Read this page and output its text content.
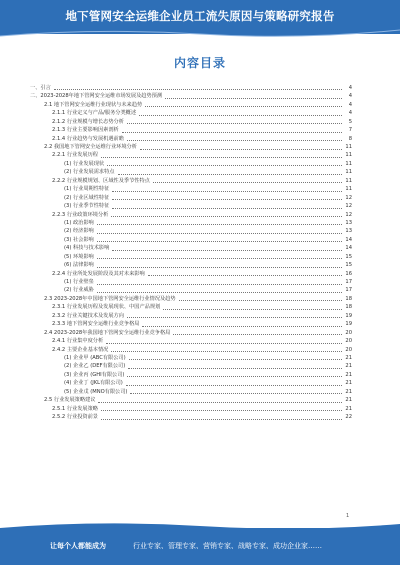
地下管网安全运维企业员工流失原因与策略研究报告
内容目录
一、引言	4
二、2023-2028年地下管网安全运维市场发展及趋势预测	4
2.1 地下管网安全运维行业现状与未来趋势	4
2.1.1 行业定义与产品/服务分类概述	4
2.1.2 行业规模与增长态势分析	5
2.1.3 行业主要影响因素剖析	7
2.1.4 行业趋势与发展机遇前瞻	8
2.2 我国地下管网安全运维行业环境分析	11
2.2.1 行业发展历程	11
(1) 行业发展现状	11
(2) 行业发展需求特点	11
2.2.2 行业规模规划、区域性及季节性特点	11
(1) 行业周期性特征	11
(2) 行业区域性特征	12
(3) 行业季节性特征	12
2.2.3 行业政策环境分析	12
(1) 政治影响	13
(2) 经济影响	13
(3) 社会影响	14
(4) 科技与技术影响	14
(5) 环境影响	15
(6) 法律影响	15
2.2.4 行业所处发展阶段及其对未来影响	16
(1) 行业壁垒	17
(2) 行业威胁	17
2.3 2023-2028年中国地下管网安全运维行业情况及趋势	18
2.3.1 行业发展历程及发展现状、中国产品规划	18
2.3.2 行业关键技术及发展方向	19
2.3.3 地下管网安全运维行业竞争格局	19
2.4 2023-2028年我国地下管网安全运维行业竞争格局	20
2.4.1 行业集中度分析	20
2.4.2 主要企业基本情况	20
(1) 企业甲 (ABC有限公司)	21
(2) 企业乙 (DEF有限公司)	21
(3) 企业丙 (GHI有限公司)	21
(4) 企业丁 (JKL有限公司)	21
(5) 企业戊 (MNO有限公司)	21
2.5 行业发展策略建议	21
2.5.1 行业发展策略	21
2.5.2 行业投资前景	22
1
让每个人都能成为	行业专家、管理专家、营销专家、战略专家、成功企业家……
